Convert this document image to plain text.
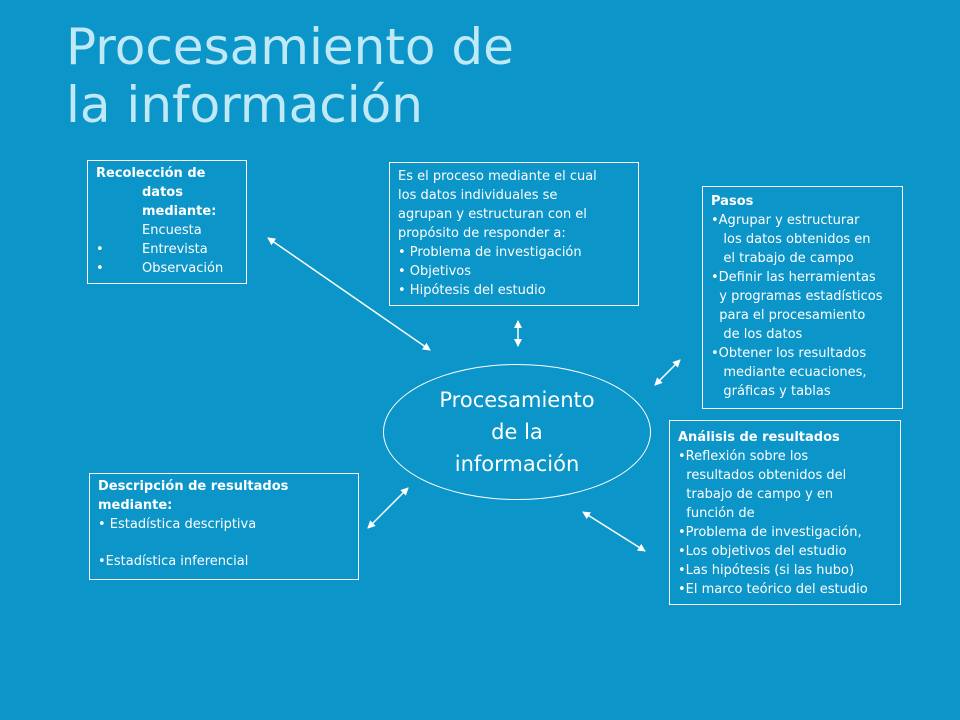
Procesamiento de
la información
Recolección de
datos
mediante:
Encuesta
• Entrevista
• Observación
Es el proceso mediante el cual
los datos individuales se
agrupan y estructuran con el
propósito de responder a:
• Problema de investigación
• Objetivos
• Hipótesis del estudio
Pasos
•Agrupar y estructurar
los datos obtenidos en
el trabajo de campo
•Definir las herramientas
y programas estadísticos
para el procesamiento
de los datos
•Obtener los resultados
mediante ecuaciones,
gráficas y tablas
Procesamiento
de la
información
Análisis de resultados
•Reflexión sobre los
resultados obtenidos del
trabajo de campo y en
función de
•Problema de investigación,
•Los objetivos del estudio
•Las hipótesis (si las hubo)
•El marco teórico del estudio
Descripción de resultados
mediante:
• Estadística descriptiva
•Estadística inferencial
